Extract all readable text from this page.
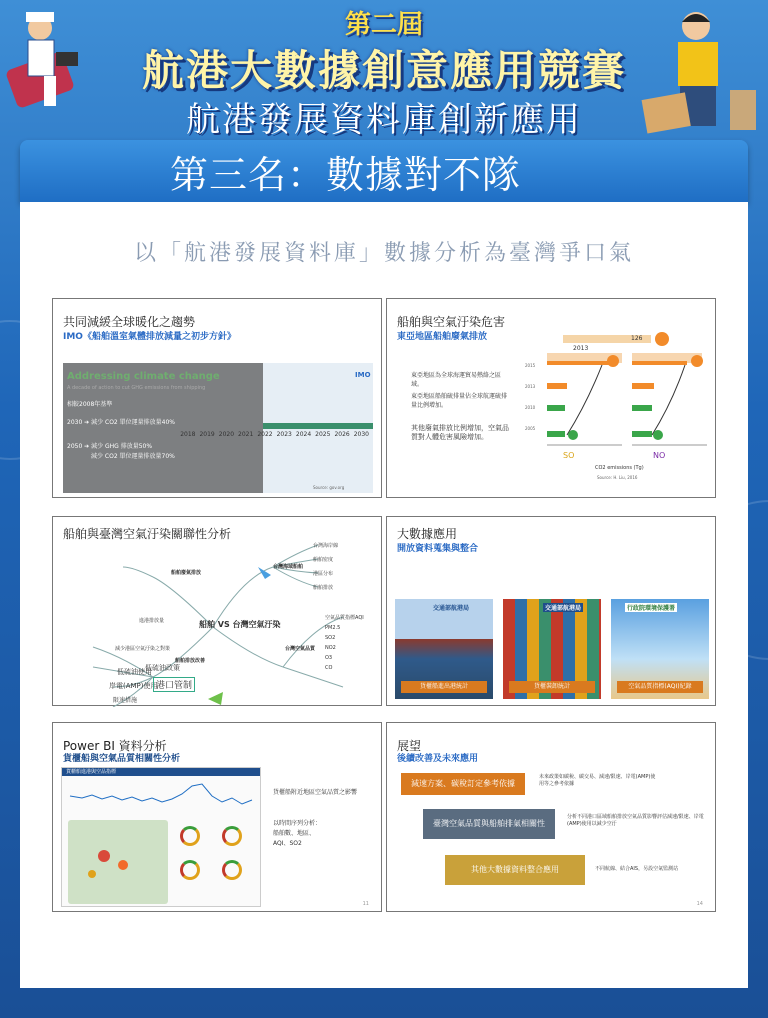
第二屆
航港大數據創意應用競賽
航港發展資料庫創新應用
第三名：數據對不隊
以「航港發展資料庫」數據分析為臺灣爭口氣
共同減緩全球暖化之趨勢
IMO《船舶溫室氣體排放減量之初步方針》
Addressing climate change
A decade of action to cut GHG emissions from shipping
IMO
相較2008年基準
2030 ➔ 減少 CO2 單位運量排放量40%
2050 ➔ 減少 GHG 排放量50%
減少 CO2 單位運量排放量70%
2018 2019 2020 2021 2022 2023 2024 2025 2026 2030
Source: gov.org
船舶與空氣汙染危害
東亞地區船舶廢氣排放
東亞地區為全球海運貿易熱絡之區域。
東亞地區船舶硫排量佔全球航運硫排量比例增加。
其他廢氣排放比例增加，空氣品質對人體危害風險增加。
2013
126
2015
2013
2010
2005
SO	NO
CO2 emissions (Tg)
Source: H. Liu, 2016
船舶與臺灣空氣汙染關聯性分析
船舶 VS 台灣空氣汙染
台灣海域船舶
台灣空氣品質
台灣海岸線
船舶密度
港區分布
船舶排放
空氣品質指標AQI
PM2.5
SO2
NO2
O3
CO
船舶廢氣排放
船舶排放改善
進港排放量
低硫油政策
岸電(AMP)使用
減少港區空氣汙染之對策
低硫油使用
港口管制
限速措施
大數據應用
開放資料蒐集與整合
交通部航港局
貨櫃船進出港統計
交通部航港局
貨櫃裝卸統計
行政院環境保護署
空氣品質指標(AQI)紀錄
Power BI 資料分析
貨櫃船與空氣品質相關性分析
貨櫃船進港與空品指標
貨櫃船附近地區空氣品質之影響
以時間序列分析：
船舶數、地區、
AQI、SO2
11
展望
後續改善及未來應用
減速方案、碳稅訂定參考依據
未來政策如碳稅、碳交易、減速/限速、岸電(AMP)使用等之參考依據
臺灣空氣品質與船舶排氣相關性
分析不同港口區域船舶排放空氣品質影響評估減速/限速、岸電(AMP)使用以減少空汙
其他大數據資料整合應用	不同航線、結合AIS，另設空氣監測站
14
